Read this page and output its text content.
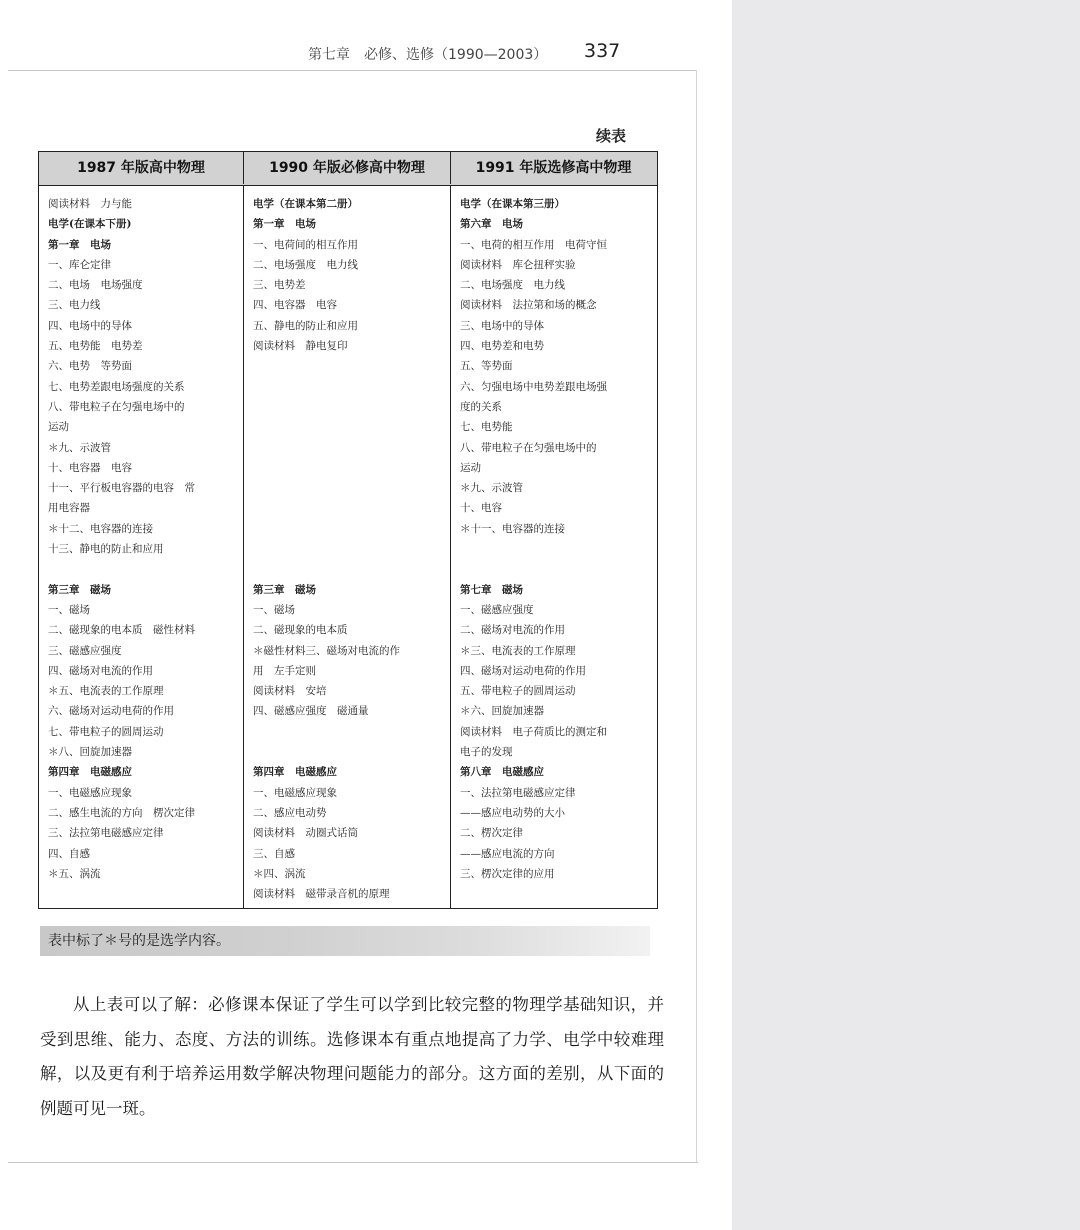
第七章　必修、选修（1990—2003） 337
续表
1987 年版高中物理	1990 年版必修高中物理	1991 年版选修高中物理
阅读材料　力与能
电学(在课本下册)
第一章　电场
一、库仑定律
二、电场　电场强度
三、电力线
四、电场中的导体
五、电势能　电势差
六、电势　等势面
七、电势差跟电场强度的关系
八、带电粒子在匀强电场中的
运动
＊九、示波管
十、电容器　电容
十一、平行板电容器的电容　常
用电容器
＊十二、电容器的连接
十三、静电的防止和应用
第三章　磁场
一、磁场
二、磁现象的电本质　磁性材料
三、磁感应强度
四、磁场对电流的作用
＊五、电流表的工作原理
六、磁场对运动电荷的作用
七、带电粒子的圆周运动
＊八、回旋加速器
第四章　电磁感应
一、电磁感应现象
二、感生电流的方向　楞次定律
三、法拉第电磁感应定律
四、自感
＊五、涡流
电学（在课本第二册）
第一章　电场
一、电荷间的相互作用
二、电场强度　电力线
三、电势差
四、电容器　电容
五、静电的防止和应用
阅读材料　静电复印
第三章　磁场
一、磁场
二、磁现象的电本质
＊磁性材料三、磁场对电流的作
用　左手定则
阅读材料　安培
四、磁感应强度　磁通量
第四章　电磁感应
一、电磁感应现象
二、感应电动势
阅读材料　动圈式话筒
三、自感
＊四、涡流
阅读材料　磁带录音机的原理
电学（在课本第三册）
第六章　电场
一、电荷的相互作用　电荷守恒
阅读材料　库仑扭秤实验
二、电场强度　电力线
阅读材料　法拉第和场的概念
三、电场中的导体
四、电势差和电势
五、等势面
六、匀强电场中电势差跟电场强
度的关系
七、电势能
八、带电粒子在匀强电场中的
运动
＊九、示波管
十、电容
＊十一、电容器的连接
第七章　磁场
一、磁感应强度
二、磁场对电流的作用
＊三、电流表的工作原理
四、磁场对运动电荷的作用
五、带电粒子的圆周运动
＊六、回旋加速器
阅读材料　电子荷质比的测定和
电子的发现
第八章　电磁感应
一、法拉第电磁感应定律
——感应电动势的大小
二、楞次定律
——感应电流的方向
三、楞次定律的应用
表中标了＊号的是选学内容。
从上表可以了解：必修课本保证了学生可以学到比较完整的物理学基础知识，并受到思维、能力、态度、方法的训练。选修课本有重点地提高了力学、电学中较难理解，以及更有利于培养运用数学解决物理问题能力的部分。这方面的差别，从下面的例题可见一斑。
